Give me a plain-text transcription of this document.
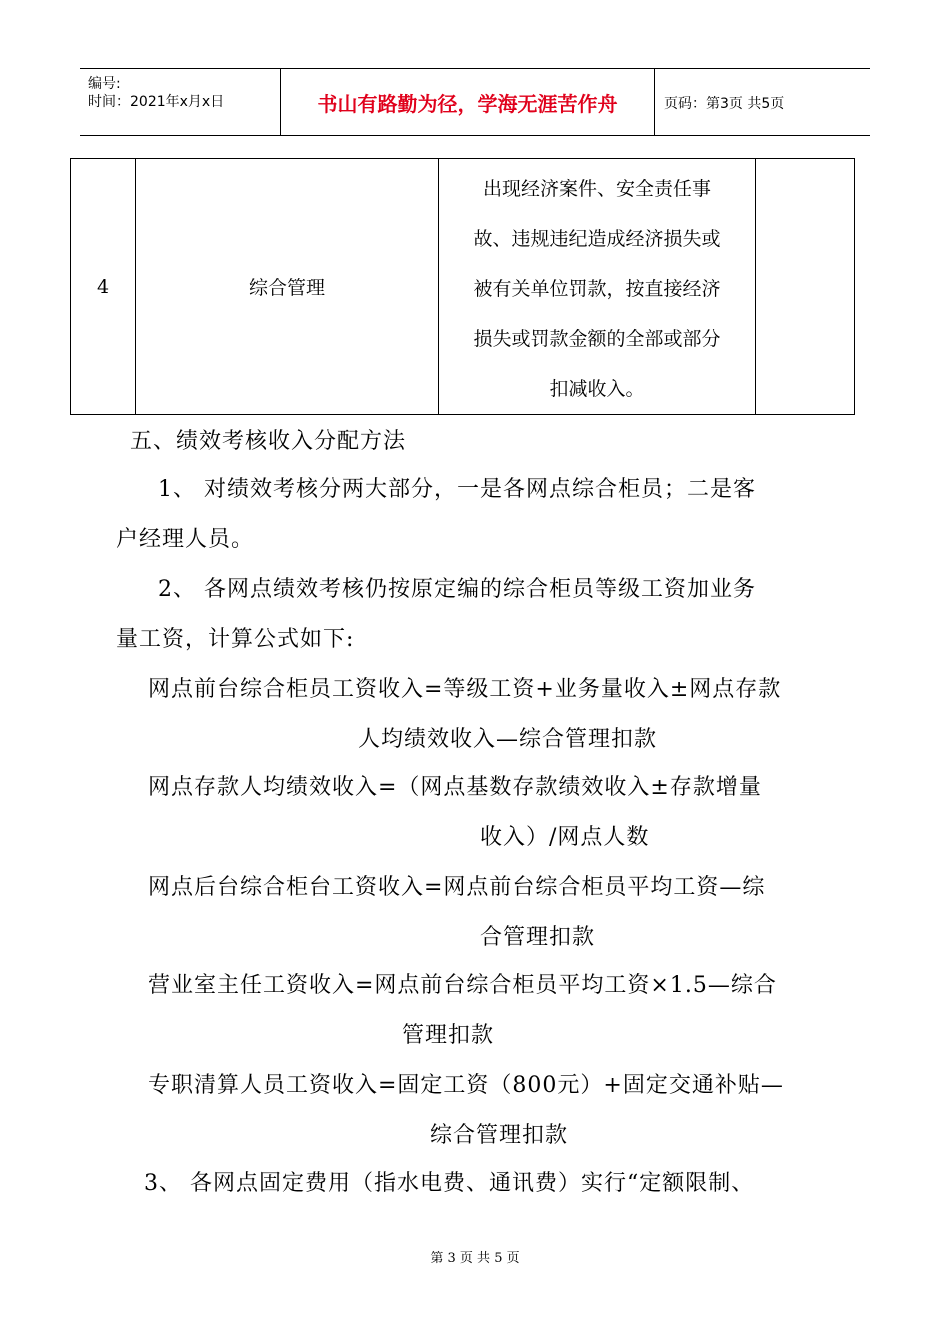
编号:
时间：2021年x月x日	书山有路勤为径，学海无涯苦作舟	页码：第3页 共5页
4	综合管理	
出现经济案件、安全责任事
故、违规违纪造成经济损失或
被有关单位罚款，按直接经济
损失或罚款金额的全部或部分
扣减收入。

五、绩效考核收入分配方法
1、 对绩效考核分两大部分，一是各网点综合柜员；二是客
户经理人员。
2、 各网点绩效考核仍按原定编的综合柜员等级工资加业务
量工资，计算公式如下:
网点前台综合柜员工资收入=等级工资+业务量收入±网点存款
人均绩效收入—综合管理扣款
网点存款人均绩效收入=（网点基数存款绩效收入±存款增量
收入）/网点人数
网点后台综合柜台工资收入=网点前台综合柜员平均工资—综
合管理扣款
营业室主任工资收入=网点前台综合柜员平均工资×1.5—综合
管理扣款
专职清算人员工资收入=固定工资（800元）+固定交通补贴—
综合管理扣款
3、 各网点固定费用（指水电费、通讯费）实行“定额限制、
第 3 页 共 5 页
